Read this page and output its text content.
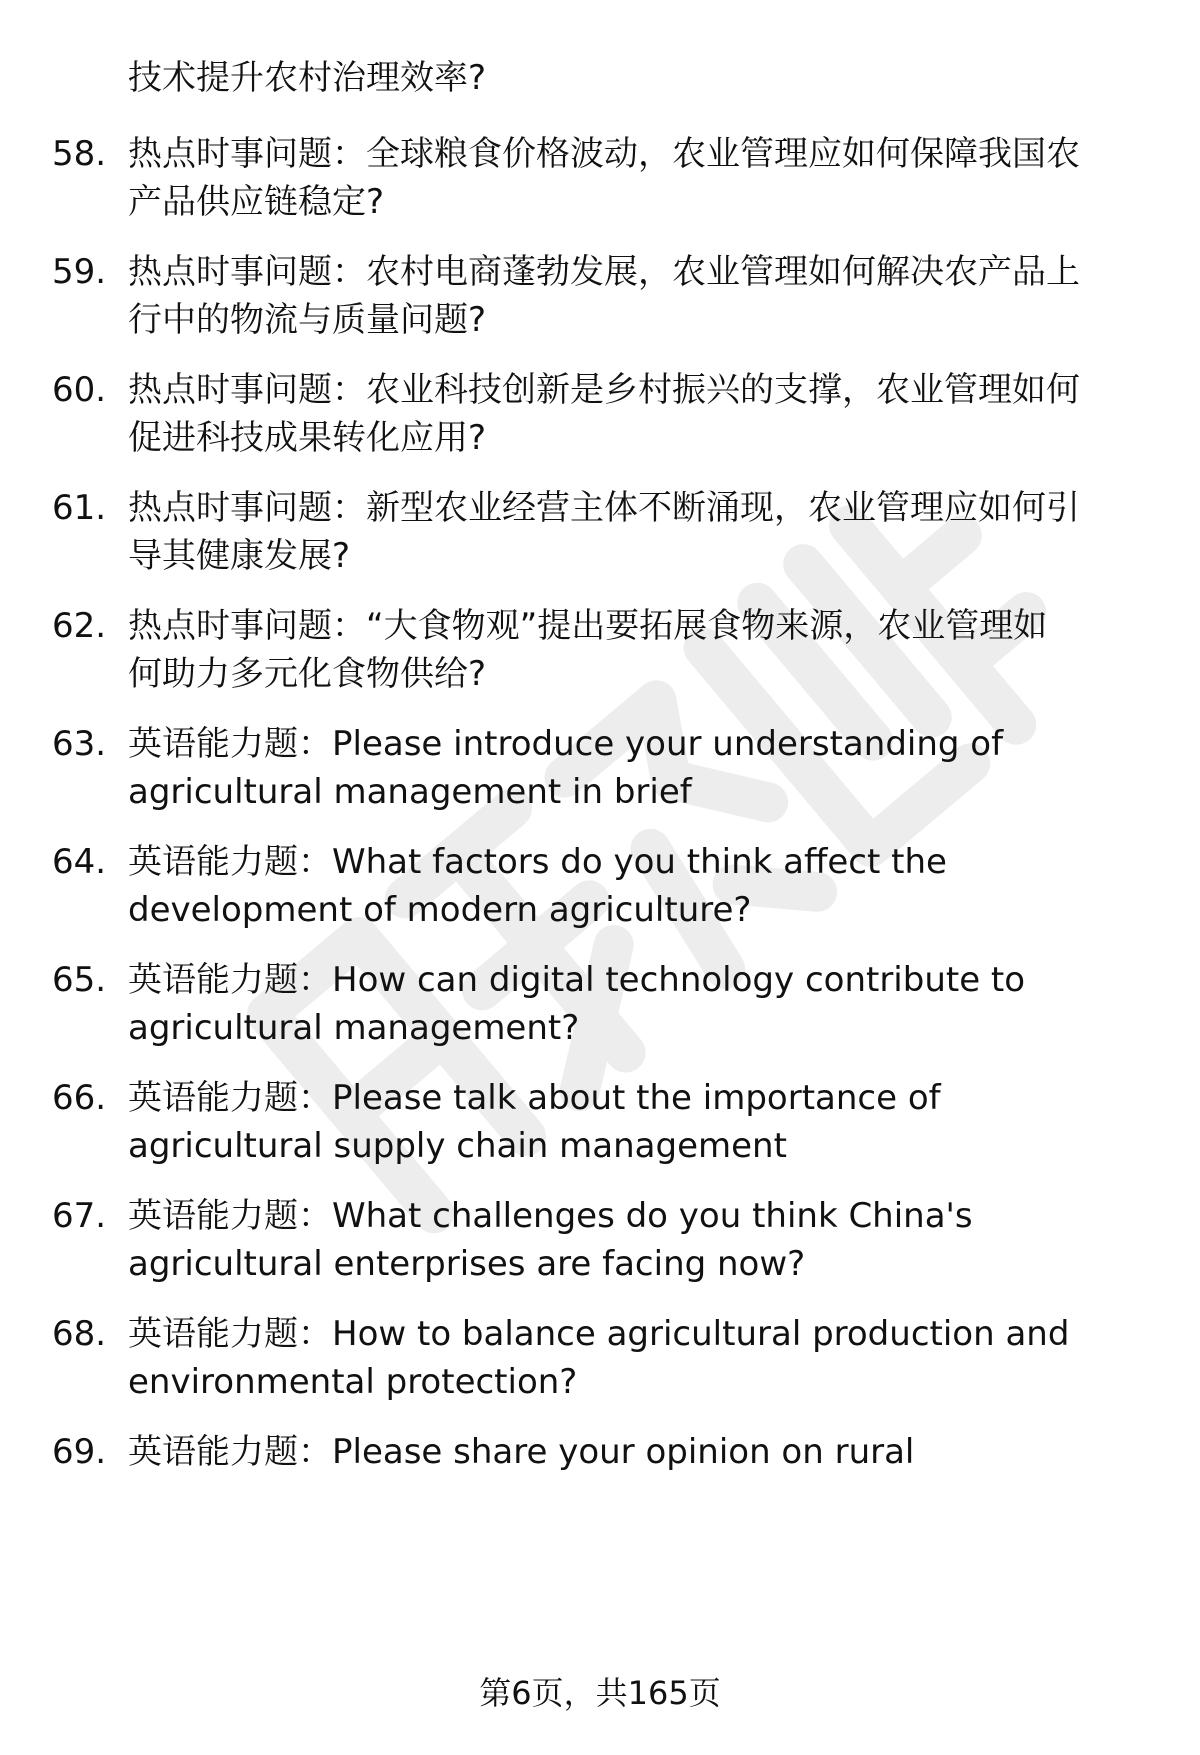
技术提升农村治理效率?
58. 热点时事问题：全球粮食价格波动，农业管理应如何保障我国农
产品供应链稳定?
59. 热点时事问题：农村电商蓬勃发展，农业管理如何解决农产品上
行中的物流与质量问题?
60. 热点时事问题：农业科技创新是乡村振兴的支撑，农业管理如何
促进科技成果转化应用?
61. 热点时事问题：新型农业经营主体不断涌现，农业管理应如何引
导其健康发展?
62. 热点时事问题：“大食物观”提出要拓展食物来源，农业管理如
何助力多元化食物供给?
63. 英语能力题：Please introduce your understanding of
agricultural management in brief
64. 英语能力题：What factors do you think affect the
development of modern agriculture?
65. 英语能力题：How can digital technology contribute to
agricultural management?
66. 英语能力题：Please talk about the importance of
agricultural supply chain management
67. 英语能力题：What challenges do you think China's
agricultural enterprises are facing now?
68. 英语能力题：How to balance agricultural production and
environmental protection?
69. 英语能力题：Please share your opinion on rural
第6页，共165页
